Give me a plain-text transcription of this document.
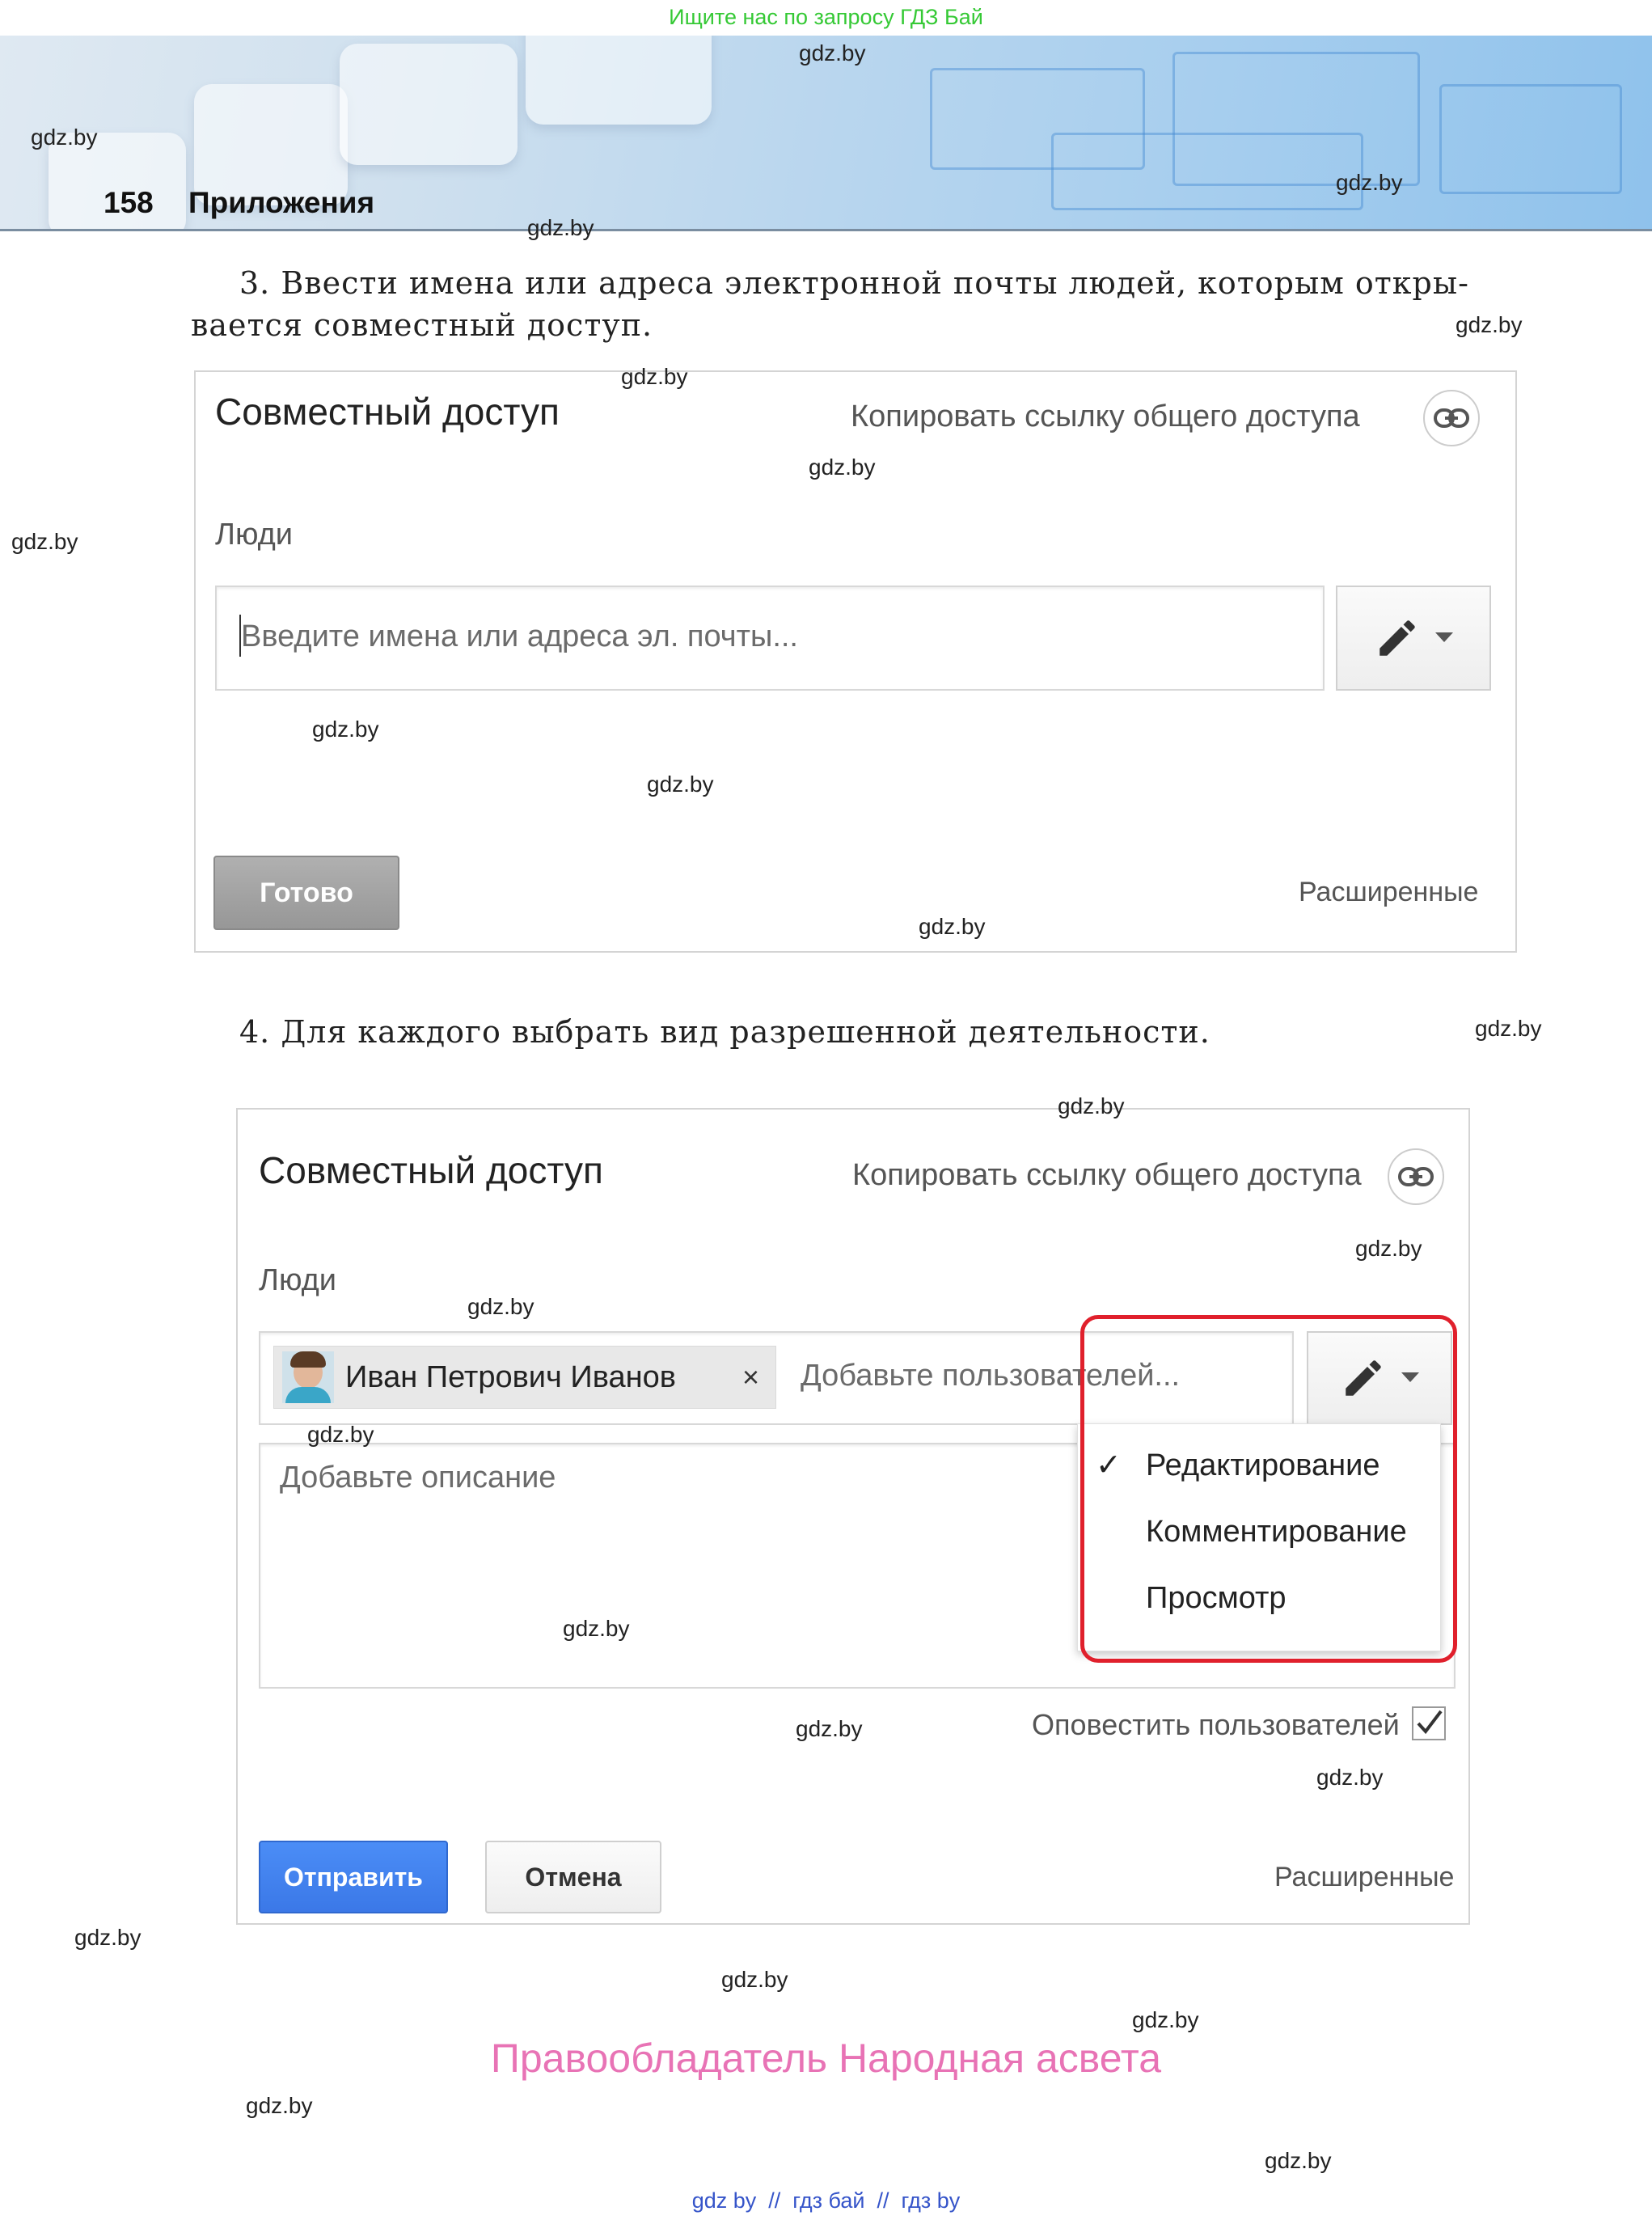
Ищите нас по запросу ГДЗ Бай
158 Приложения
3. Ввести имена или адреса электронной почты людей, которым откры-
вается совместный доступ.
Совместный доступ	Копировать ссылку общего доступа
Люди
Введите имена или адреса эл. почты...
Готово	Расширенные
4. Для каждого выбрать вид разрешенной деятельности.
Совместный доступ	Копировать ссылку общего доступа
Люди
Иван Петрович Иванов × Добавьте пользователей...
Добавьте описание	✓ Редактирование
Комментирование
Просмотр
Оповестить пользователей
Отправить	Отмена	Расширенные
gdz.by
gdz.by
gdz.by
gdz.by
gdz.by
gdz.by
gdz.by
gdz.by
gdz.by
gdz.by
gdz.by
gdz.by
gdz.by
gdz.by
gdz.by
gdz.by
gdz.by
gdz.by
gdz.by
gdz.by
gdz.by
gdz.by
gdz.by
gdz.by
Правообладатель Народная асвета
gdz by  //  гдз бай  //  гдз by
